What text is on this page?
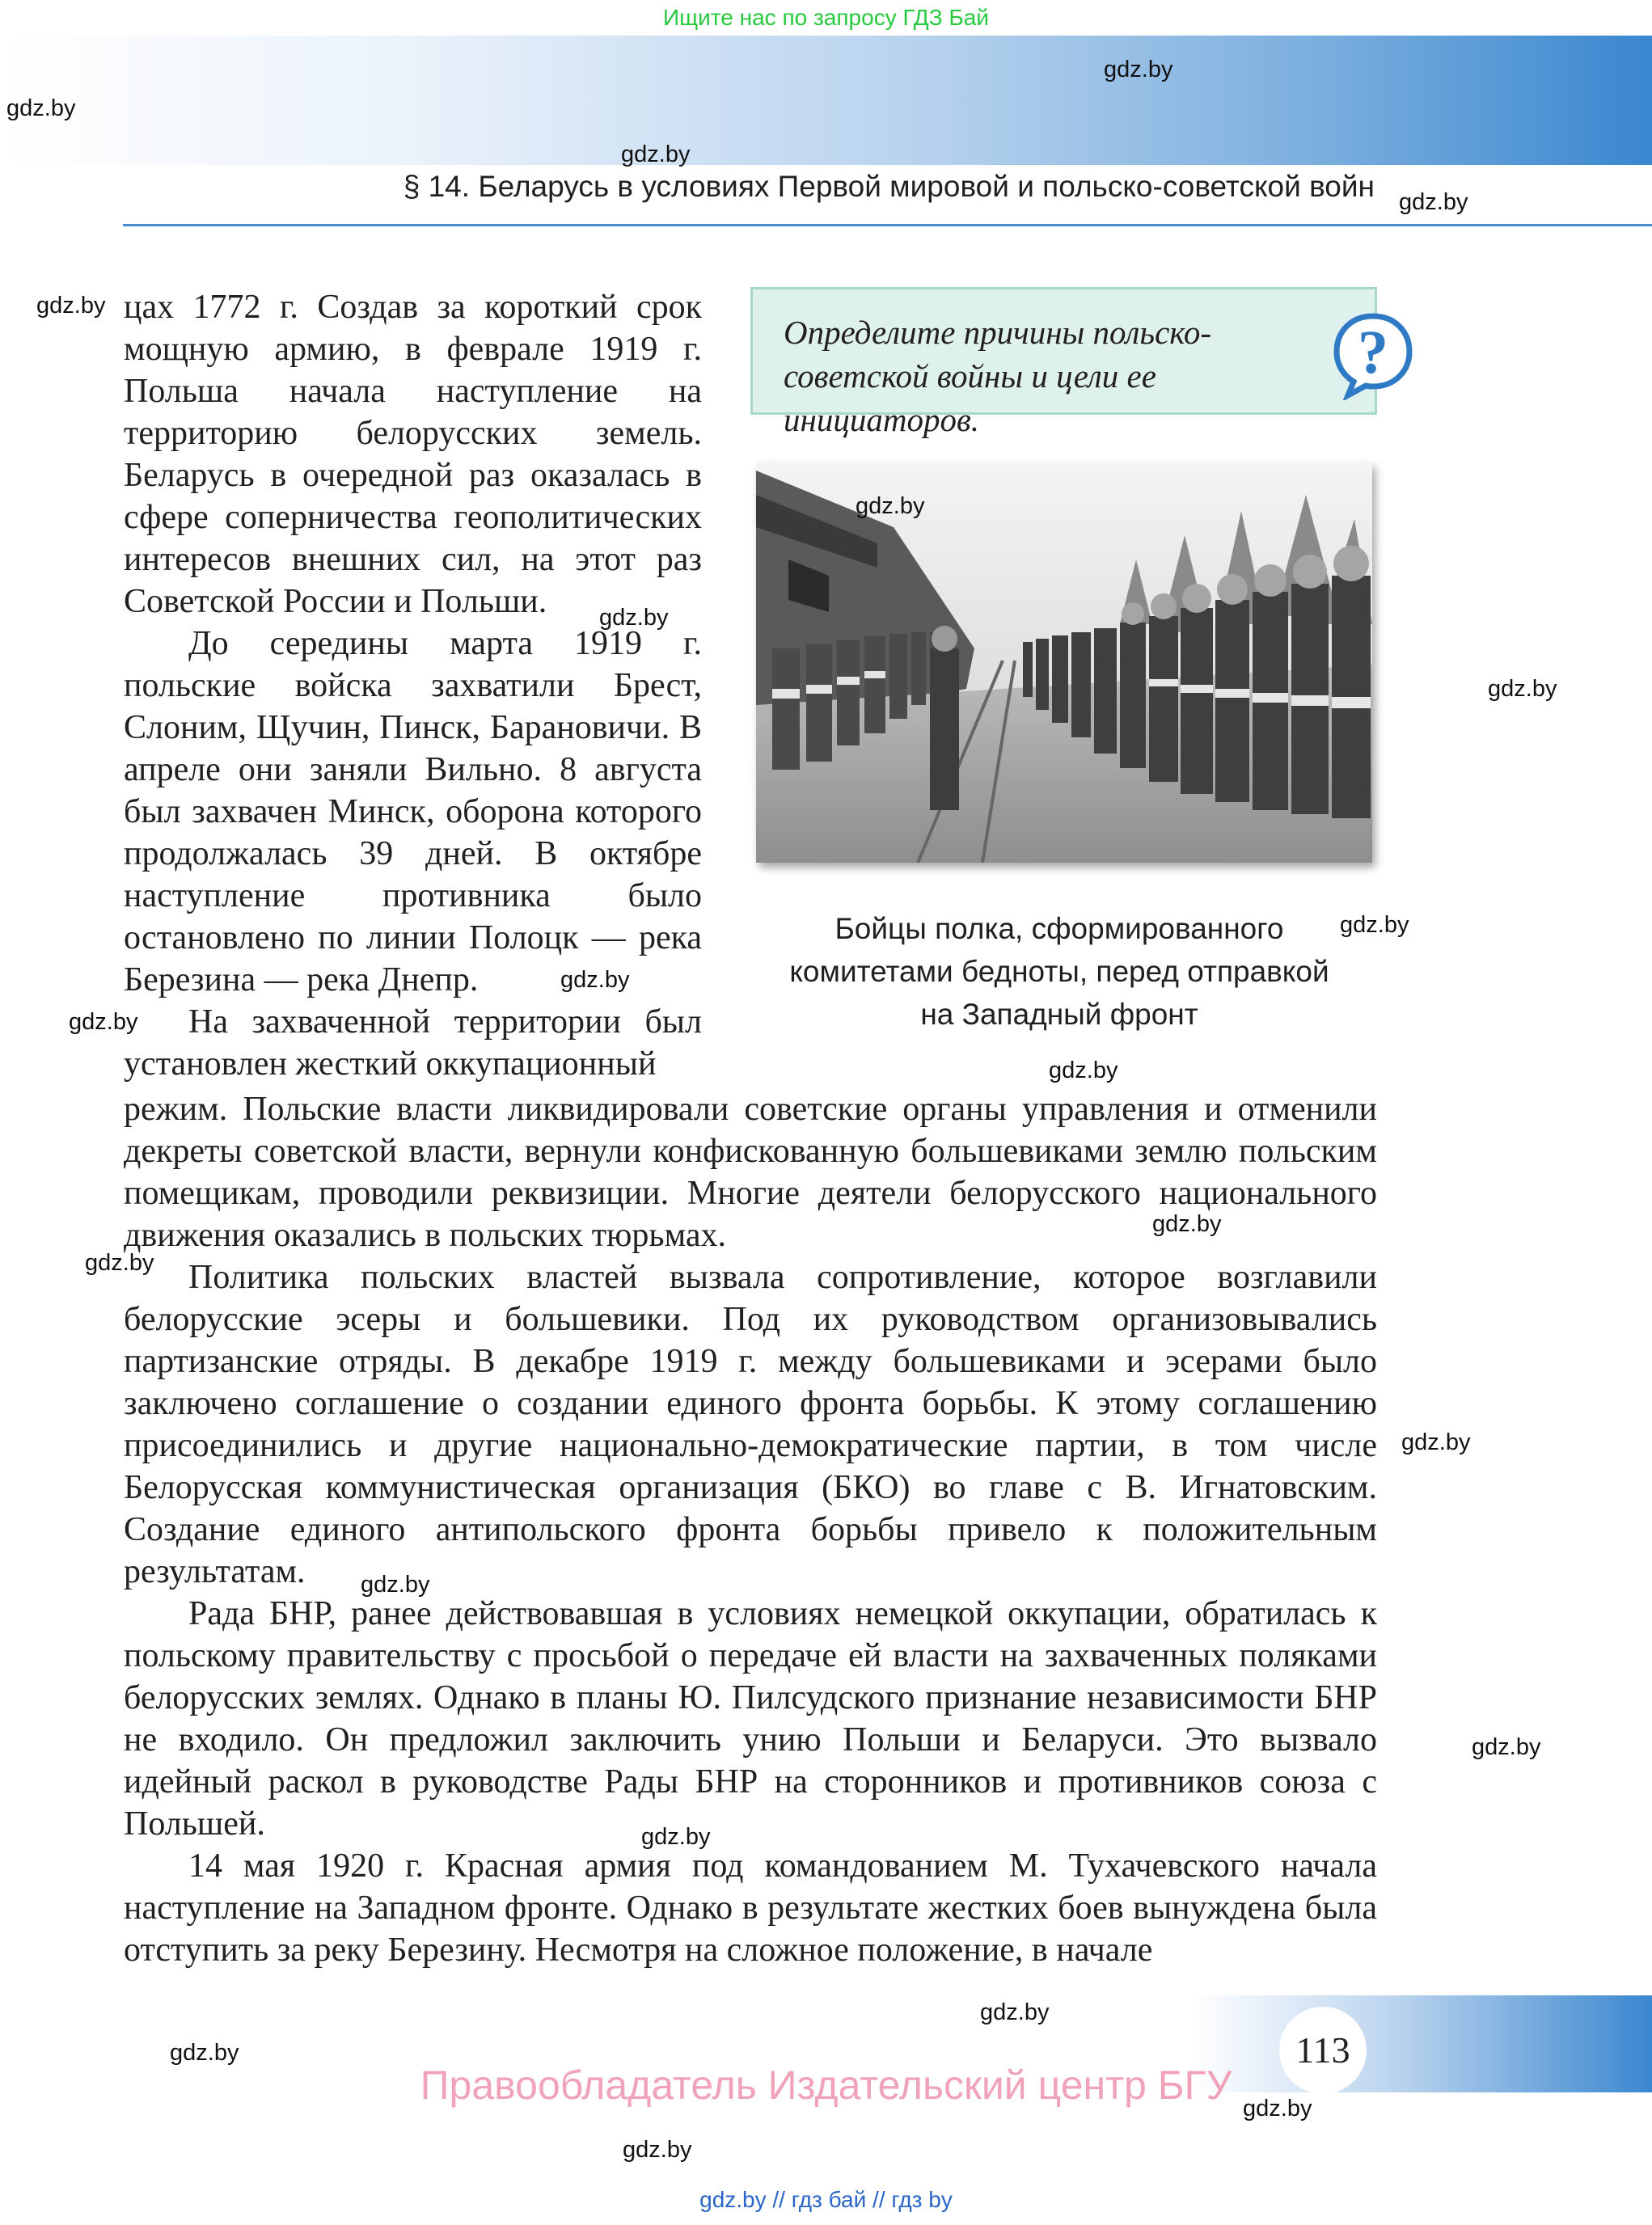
Ищите нас по запросу ГДЗ Бай
§ 14. Беларусь в условиях Первой мировой и польско-советской войн

цах 1772 г. Создав за короткий срок мощную армию, в феврале 1919 г. Польша начала наступление на территорию белорусских земель. Беларусь в очередной раз оказалась в сфере соперничества геополитических интересов внешних сил, на этот раз Советской России и Польши.

До середины марта 1919 г. польские войска захватили Брест, Слоним, Щучин, Пинск, Барановичи. В апреле они заняли Вильно. 8 августа был захвачен Минск, оборона которого продолжалась 39 дней. В октябре наступление противника было остановлено по линии Полоцк — река Березина — река Днепр.

На захваченной территории был установлен жесткий оккупационный

Определите причины польско-советской войны и цели ее инициаторов.
?
Бойцы полка, сформированного комитетами бедноты, перед отправкой на Западный фронт

режим. Польские власти ликвидировали советские органы управления и отменили декреты советской власти, вернули конфискованную большевиками землю польским помещикам, проводили реквизиции. Многие деятели белорусского национального движения оказались в польских тюрьмах.

Политика польских властей вызвала сопротивление, которое возглавили белорусские эсеры и большевики. Под их руководством организовывались партизанские отряды. В декабре 1919 г. между большевиками и эсерами было заключено соглашение о создании единого фронта борьбы. К этому соглашению присоединились и другие национально-демократические партии, в том числе Белорусская коммунистическая организация (БКО) во главе с В. Игнатовским. Создание единого антипольского фронта борьбы привело к положительным результатам.

Рада БНР, ранее действовавшая в условиях немецкой оккупации, обратилась к польскому правительству с просьбой о передаче ей власти на захваченных поляками белорусских землях. Однако в планы Ю. Пилсудского признание независимости БНР не входило. Он предложил заключить унию Польши и Беларуси. Это вызвало идейный раскол в руководстве Рады БНР на сторонников и противников союза с Польшей.

14 мая 1920 г. Красная армия под командованием М. Тухачевского начала наступление на Западном фронте. Однако в результате жестких боев вынуждена была отступить за реку Березину. Несмотря на сложное положение, в начале

gdz.by
gdz.by
gdz.by
gdz.by
gdz.by
gdz.by
gdz.by
gdz.by
gdz.by
gdz.by
gdz.by
gdz.by
gdz.by
gdz.by
gdz.by
gdz.by
gdz.by
gdz.by
gdz.by
gdz.by
gdz.by
gdz.by
113
Правообладатель Издательский центр БГУ
gdz.by // гдз бай // гдз by
